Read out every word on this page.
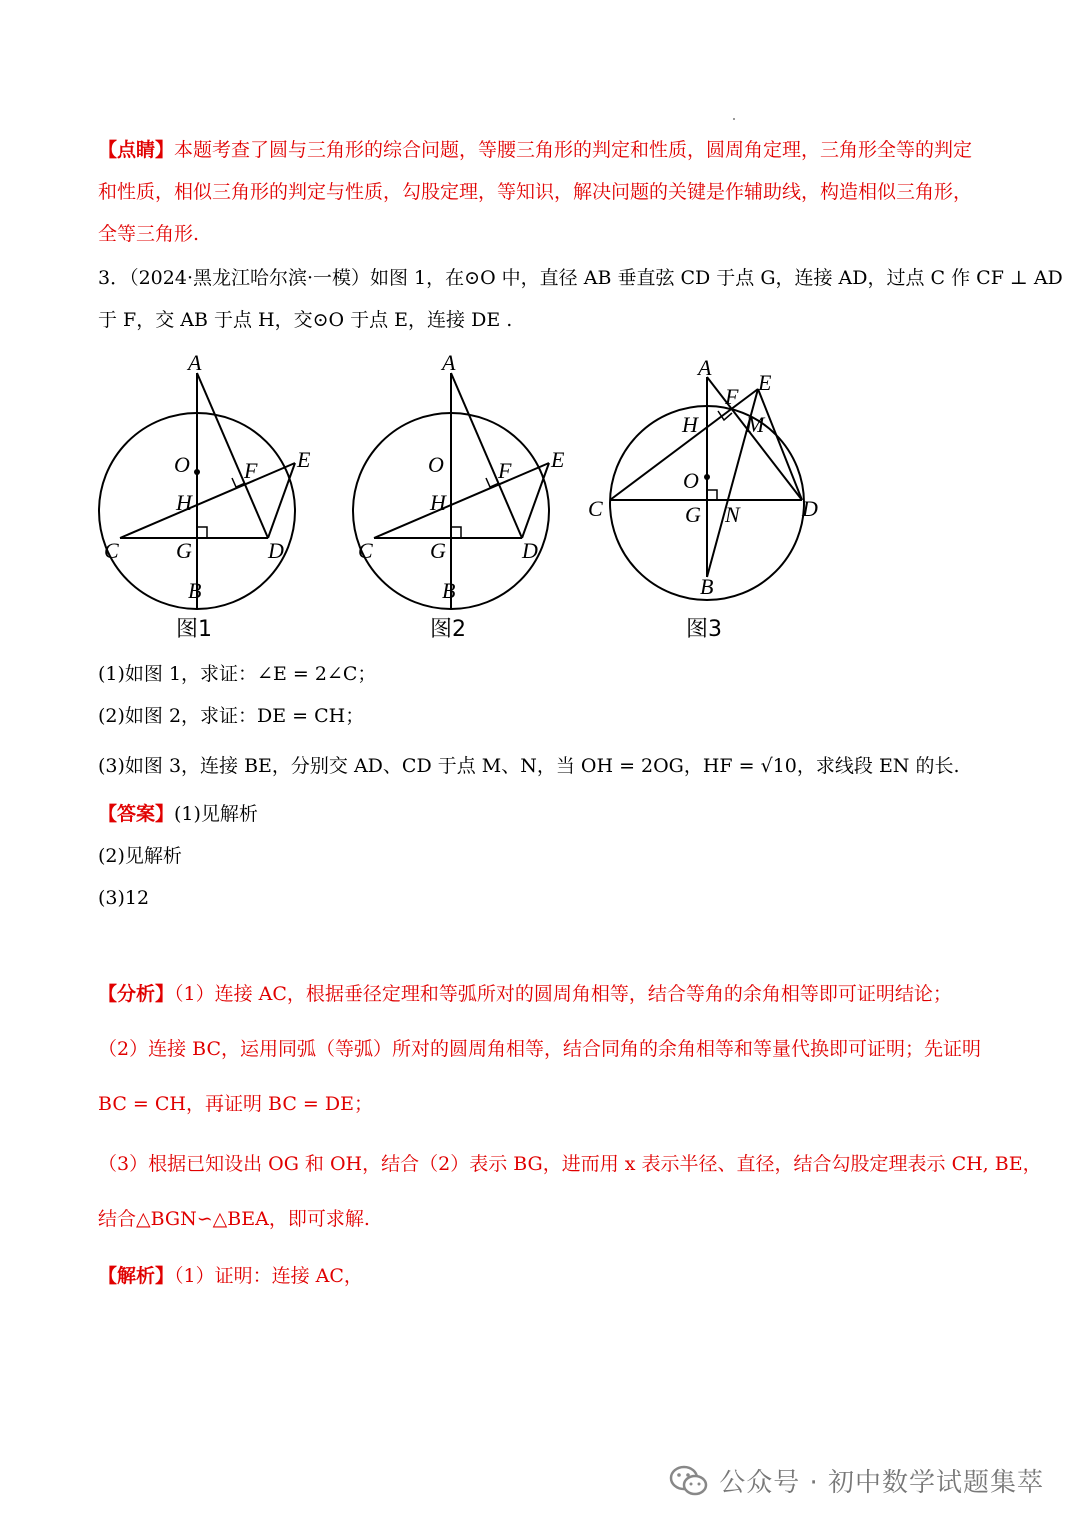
【点睛】本题考查了圆与三角形的综合问题，等腰三角形的判定和性质，圆周角定理，三角形全等的判定
和性质，相似三角形的判定与性质，勾股定理，等知识，解决问题的关键是作辅助线，构造相似三角形，
全等三角形.
3．（2024·黑龙江哈尔滨·一模）如图 1，在⊙O 中，直径 AB 垂直弦 CD 于点 G，连接 AD，过点 C 作 CF ⊥ AD
于 F，交 AB 于点 H，交⊙O 于点 E，连接 DE .
A
O F E
H
C	G	D
B
图1
A
O F E
H
C	G	D
B
图2
A
E
F
H M
O
C	G N	D
B
图3
(1)如图 1，求证：∠E = 2∠C；
(2)如图 2，求证：DE = CH；
(3)如图 3，连接 BE，分别交 AD、CD 于点 M、N，当 OH = 2OG，HF = √10，求线段 EN 的长.
【答案】(1)见解析
(2)见解析
(3)12
【分析】（1）连接 AC，根据垂径定理和等弧所对的圆周角相等，结合等角的余角相等即可证明结论；
（2）连接 BC，运用同弧（等弧）所对的圆周角相等，结合同角的余角相等和等量代换即可证明；先证明
BC = CH，再证明 BC = DE；
（3）根据已知设出 OG 和 OH，结合（2）表示 BG，进而用 x 表示半径、直径，结合勾股定理表示 CH, BE，
结合△BGN∽△BEA，即可求解.
【解析】（1）证明：连接 AC，
公众号 · 初中数学试题集萃
